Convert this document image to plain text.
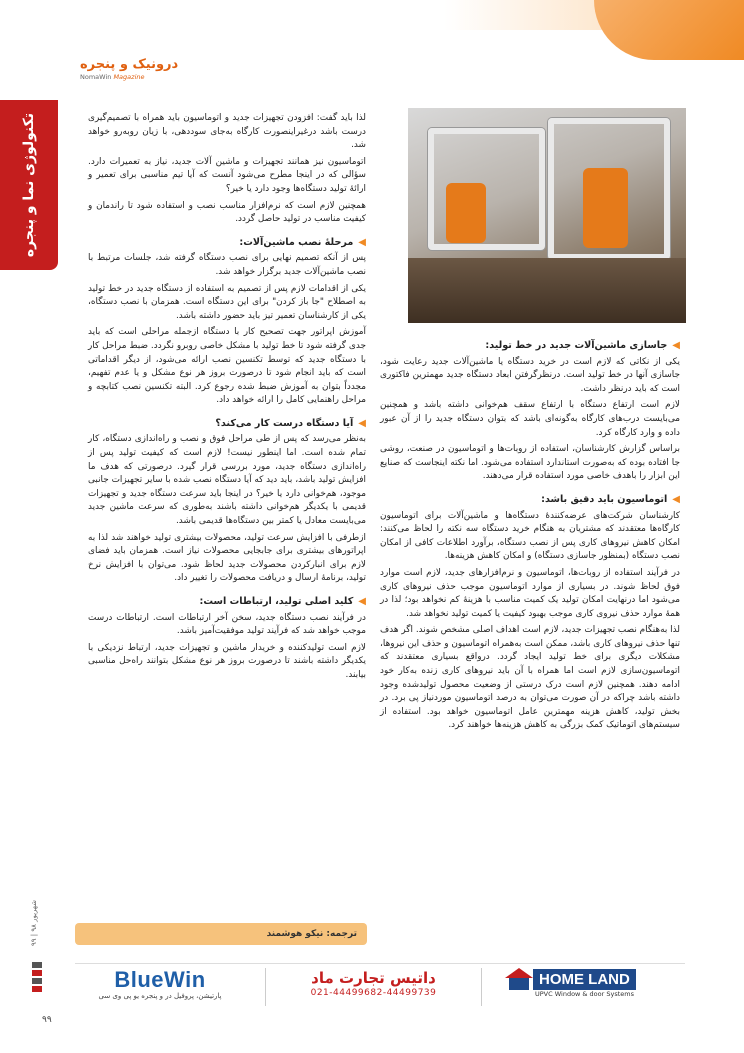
درونیک و پنجره
NomaWin Magazine
تکنولوژی نما و پنجره	لذا باید گفت: افزودن تجهیزات جدید و اتوماسیون باید همراه با تصمیم‌گیری درست باشد درغیراینصورت کارگاه به‌جای سوددهی، با زیان روبه‌رو خواهد شد.

اتوماسیون نیز همانند تجهیزات و ماشین آلات جدید، نیاز به تعمیرات دارد. سؤالی که در اینجا مطرح می‌شود آنست که آیا تیم مناسبی برای تعمیر و ارائهٔ تولید دستگاه‌ها وجود دارد یا خیر؟

همچنین لازم است که نرم‌افزار مناسب نصب و استفاده شود تا راندمان و کیفیت مناسب در تولید حاصل گردد.

◀
مرحلهٔ نصب ماشین‌آلات:

پس از آنکه تصمیم نهایی برای نصب دستگاه گرفته شد، جلسات مرتبط با نصب ماشین‌آلات جدید برگزار خواهد شد.

یکی از اقدامات لازم پس از تصمیم به استفاده از دستگاه جدید در خط تولید به اصطلاح "جا باز کردن" برای این دستگاه است. همزمان با نصب دستگاه، یکی از کارشناسان تعمیر تیز باید حضور داشته باشد.

آموزش اپراتور جهت تصحیح کار با دستگاه ازجمله مراحلی است که باید جدی گرفته شود تا خط تولید با مشکل خاصی روبرو نگردد. ضبط مراحل کار با دستگاه جدید که توسط تکنسین نصب ارائه می‌شود، از دیگر اقداماتی است که باید انجام شود تا درصورت بروز هر نوع مشکل و یا عدم تفهیم، مجدداً بتوان به آموزش ضبط شده رجوع کرد. البته تکنسین نصب کتابچه و مراحل راهنمایی کامل را ارائه خواهد داد.

◀
آیا دستگاه درست کار می‌کند؟

به‌نظر می‌رسد که پس از طی مراحل فوق و نصب و راه‌اندازی دستگاه، کار تمام شده است. اما اینطور نیست! لازم است که کیفیت تولید پس از راه‌اندازی دستگاه جدید، مورد بررسی قرار گیرد. درصورتی که هدف ما افزایش تولید باشد، باید دید که آیا دستگاه نصب شده با سایر تجهیزات جانبی موجود، هم‌خوانی دارد یا خیر؟ در اینجا باید سرعت دستگاه جدید و تجهیزات قدیمی با یکدیگر هم‌خوانی داشته باشند به‌طوری که سرعت ماشین جدید می‌بایست معادل یا کمتر بین دستگاه‌ها قدیمی باشد.

ازطرفی با افزایش سرعت تولید، محصولات بیشتری تولید خواهند شد لذا به اپراتورهای بیشتری برای جابجایی محصولات نیاز است. همزمان باید فضای لازم برای انبارکردن محصولات جدید لحاظ شود. می‌توان با افزایش نرخ تولید، برنامهٔ ارسال و دریافت محصولات را تغییر داد.

◀
کلید اصلی تولید، ارتباطات است:

در فرآیند نصب دستگاه جدید، سخن آخر ارتباطات است. ارتباطات درست موجب خواهد شد که فرآیند تولید موفقیت‌آمیز باشد.

لازم است تولیدکننده و خریدار ماشین و تجهیزات جدید، ارتباط نزدیکی با یکدیگر داشته باشند تا درصورت بروز هر نوع مشکل بتوانند راه‌حل مناسبی بیابند.

ترجمه: نیکو هوشمند
◀
جاسازی ماشین‌آلات جدید در خط تولید:

یکی از نکاتی که لازم است در خرید دستگاه یا ماشین‌آلات جدید رعایت شود، جاسازی آنها در خط تولید است. درنظرگرفتن ابعاد دستگاه جدید مهمترین فاکتوری است که باید درنظر داشت.

لازم است ارتفاع دستگاه با ارتفاع سقف هم‌خوانی داشته باشد و همچنین می‌بایست درب‌های کارگاه به‌گونه‌ای باشد که بتوان دستگاه جدید را از آن عبور داده و وارد کارگاه کرد.

براساس گزارش کارشناسان، استفاده از روبات‌ها و اتوماسیون در صنعت، روشی جا افتاده بوده که به‌صورت استاندارد استفاده می‌شود. اما نکته اینجاست که صنایع این ابزار را باهدف خاصی مورد استفاده قرار می‌دهند.

◀
اتوماسیون باید دقیق باشد:

کارشناسان شرکت‌های عرضه‌کنندهٔ دستگاه‌ها و ماشین‌آلات برای اتوماسیون کارگاه‌ها معتقدند که مشتریان به هنگام خرید دستگاه سه نکته را لحاظ می‌کنند: امکان کاهش نیروهای کاری پس از نصب دستگاه، برآورد اطلاعات کافی از امکان نصب دستگاه (بمنظور جاسازی دستگاه) و امکان کاهش هزینه‌ها.

در فرآیند استفاده از روبات‌ها، اتوماسیون و نرم‌افزارهای جدید، لازم است موارد فوق لحاظ شوند. در بسیاری از موارد اتوماسیون موجب حذف نیروهای کاری می‌شود اما درنهایت امکان تولید یک کمیت مناسب با هزینهٔ کم نخواهد بود؛ لذا در همهٔ موارد حذف نیروی کاری موجب بهبود کیفیت یا کمیت تولید نخواهد شد.

لذا به‌هنگام نصب تجهیزات جدید، لازم است اهداف اصلی مشخص شوند. اگر هدف تنها حذف نیروهای کاری باشد، ممکن است به‌همراه اتوماسیون و حذف این نیروها، مشکلات دیگری برای خط تولید ایجاد گردد. درواقع بسیاری معتقدند که اتوماسیون‌سازی لازم است اما همراه با آن باید نیروهای کاری زنده به‌کار خود ادامه دهند. همچنین لازم است درک درستی از وضعیت محصول تولیدشده وجود داشته باشد چراکه در آن صورت می‌توان به درصد اتوماسیون موردنیاز پی برد. در بخش تولید، کاهش هزینه مهمترین عامل اتوماسیون خواهد بود. استفاده از سیستم‌های اتوماتیک کمک بزرگی به کاهش هزینه‌ها خواهند کرد.

شهریور ۹۸ | ۹۹
۹۹
BlueWin
پارتیشن، پروفیل در و پنجره یو پی وی سی
داتیس تجارت ماد
021-44499682-44499739
HOME LAND
UPVC Window & door Systems
